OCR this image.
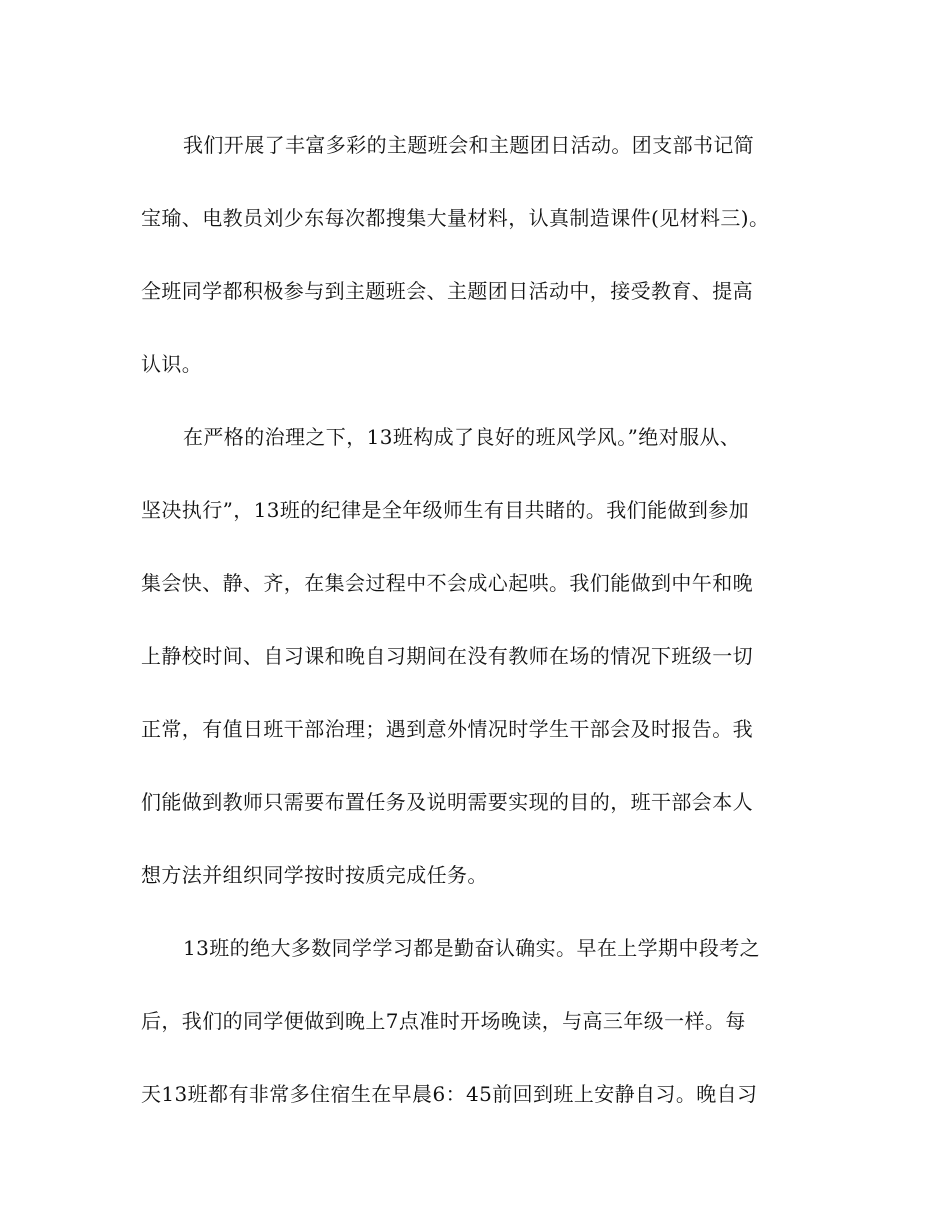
我们开展了丰富多彩的主题班会和主题团日活动。团支部书记简
宝瑜、电教员刘少东每次都搜集大量材料，认真制造课件(见材料三)。
全班同学都积极参与到主题班会、主题团日活动中，接受教育、提高
认识。
在严格的治理之下，13班构成了良好的班风学风。”绝对服从、
坚决执行”，13班的纪律是全年级师生有目共睹的。我们能做到参加
集会快、静、齐，在集会过程中不会成心起哄。我们能做到中午和晚
上静校时间、自习课和晚自习期间在没有教师在场的情况下班级一切
正常，有值日班干部治理；遇到意外情况时学生干部会及时报告。我
们能做到教师只需要布置任务及说明需要实现的目的，班干部会本人
想方法并组织同学按时按质完成任务。
13班的绝大多数同学学习都是勤奋认确实。早在上学期中段考之
后，我们的同学便做到晚上7点准时开场晚读，与高三年级一样。每
天13班都有非常多住宿生在早晨6：45前回到班上安静自习。晚自习
